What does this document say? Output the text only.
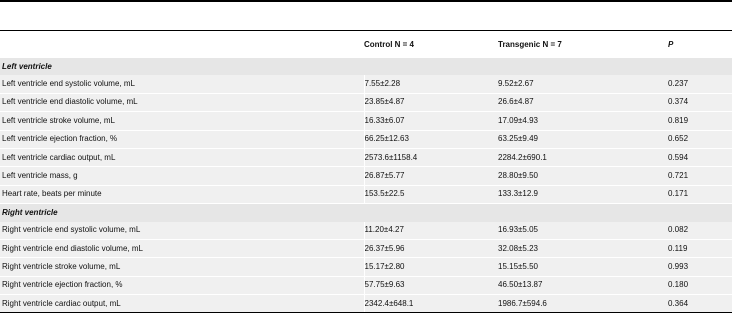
	Control N = 4	Transgenic N = 7	P
Left ventricle			
Left ventricle end systolic volume, mL	7.55±2.28	9.52±2.67	0.237
Left ventricle end diastolic volume, mL	23.85±4.87	26.6±4.87	0.374
Left ventricle stroke volume, mL	16.33±6.07	17.09±4.93	0.819
Left ventricle ejection fraction, %	66.25±12.63	63.25±9.49	0.652
Left ventricle cardiac output, mL	2573.6±1158.4	2284.2±690.1	0.594
Left ventricle mass, g	26.87±5.77	28.80±9.50	0.721
Heart rate, beats per minute	153.5±22.5	133.3±12.9	0.171
Right ventricle			
Right ventricle end systolic volume, mL	11.20±4.27	16.93±5.05	0.082
Right ventricle end diastolic volume, mL	26.37±5.96	32.08±5.23	0.119
Right ventricle stroke volume, mL	15.17±2.80	15.15±5.50	0.993
Right ventricle ejection fraction, %	57.75±9.63	46.50±13.87	0.180
Right ventricle cardiac output, mL	2342.4±648.1	1986.7±594.6	0.364
